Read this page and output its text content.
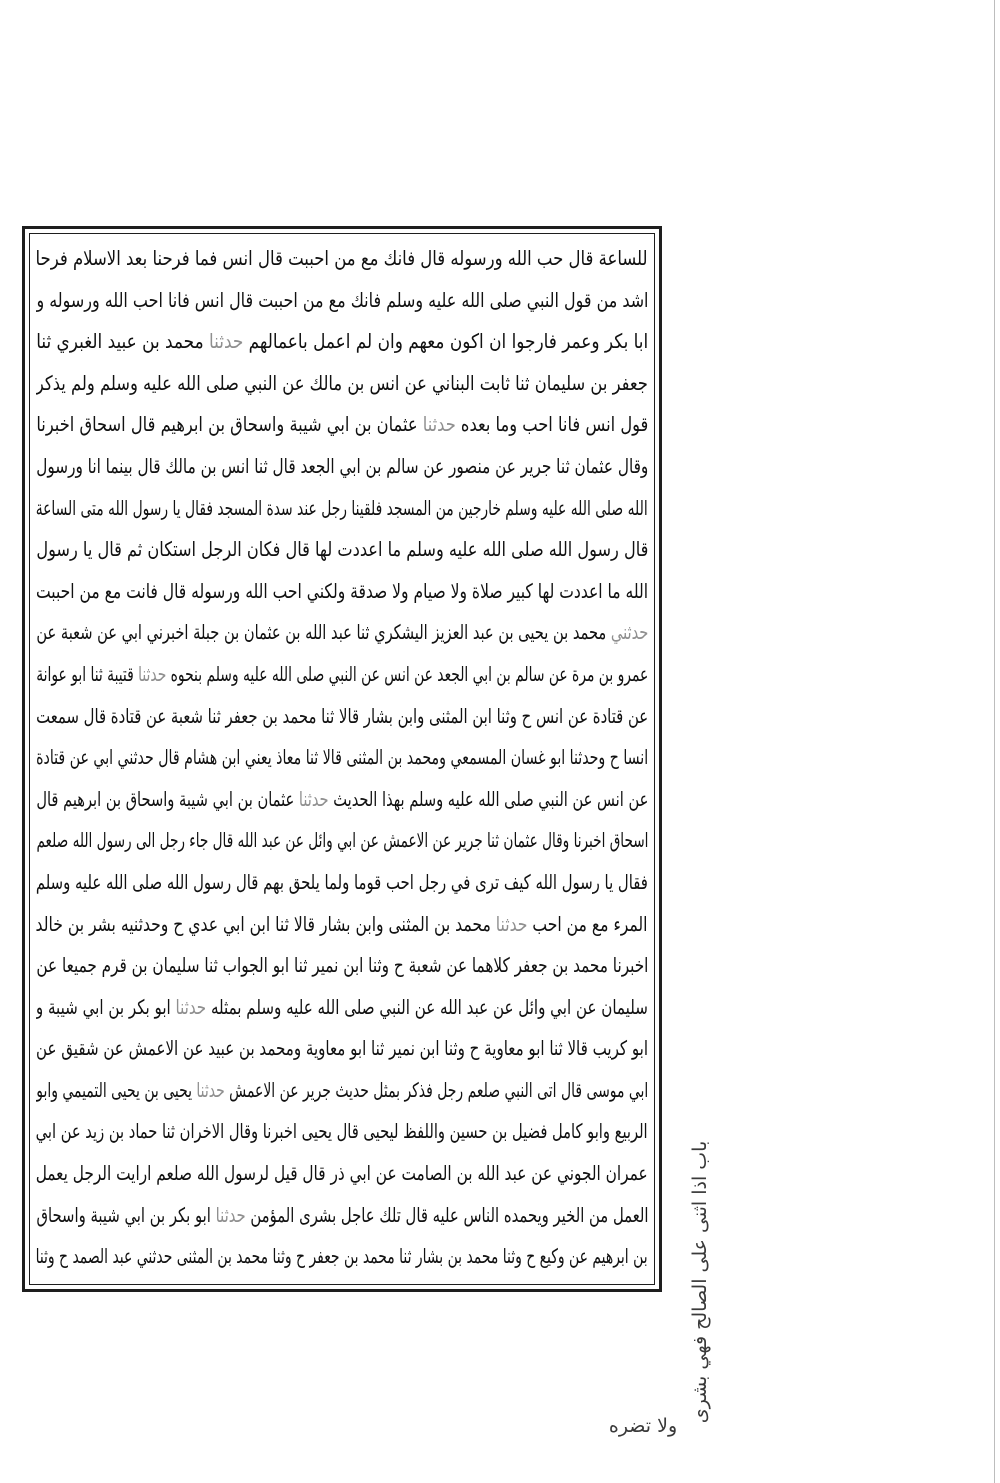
للساعة قال حب الله ورسوله قال فانك مع من احببت قال انس فما فرحنا بعد الاسلام فرحا
اشد من قول النبي صلى الله عليه وسلم فانك مع من احببت قال انس فانا احب الله ورسوله و
ابا بكر وعمر فارجوا ان اكون معهم وان لم اعمل باعمالهم حدثنا محمد بن عبيد الغبري ثنا
جعفر بن سليمان ثنا ثابت البناني عن انس بن مالك عن النبي صلى الله عليه وسلم ولم يذكر
قول انس فانا احب وما بعده حدثنا عثمان بن ابي شيبة واسحاق بن ابرهيم قال اسحاق اخبرنا
وقال عثمان ثنا جرير عن منصور عن سالم بن ابي الجعد قال ثنا انس بن مالك قال بينما انا ورسول
الله صلى الله عليه وسلم خارجين من المسجد فلقينا رجل عند سدة المسجد فقال يا رسول الله متى الساعة
قال رسول الله صلى الله عليه وسلم ما اعددت لها قال فكان الرجل استكان ثم قال يا رسول
الله ما اعددت لها كبير صلاة ولا صيام ولا صدقة ولكني احب الله ورسوله قال فانت مع من احببت
حدثني محمد بن يحيى بن عبد العزيز اليشكري ثنا عبد الله بن عثمان بن جبلة اخبرني ابي عن شعبة عن
عمرو بن مرة عن سالم بن ابي الجعد عن انس عن النبي صلى الله عليه وسلم بنحوه حدثنا قتيبة ثنا ابو عوانة
عن قتادة عن انس ح وثنا ابن المثنى وابن بشار قالا ثنا محمد بن جعفر ثنا شعبة عن قتادة قال سمعت
انسا ح وحدثنا ابو غسان المسمعي ومحمد بن المثنى قالا ثنا معاذ يعني ابن هشام قال حدثني ابي عن قتادة
عن انس عن النبي صلى الله عليه وسلم بهذا الحديث حدثنا عثمان بن ابي شيبة واسحاق بن ابرهيم قال
اسحاق اخبرنا وقال عثمان ثنا جرير عن الاعمش عن ابي وائل عن عبد الله قال جاء رجل الى رسول الله صلعم
فقال يا رسول الله كيف ترى في رجل احب قوما ولما يلحق بهم قال رسول الله صلى الله عليه وسلم
المرء مع من احب حدثنا محمد بن المثنى وابن بشار قالا ثنا ابن ابي عدي ح وحدثنيه بشر بن خالد
اخبرنا محمد بن جعفر كلاهما عن شعبة ح وثنا ابن نمير ثنا ابو الجواب ثنا سليمان بن قرم جميعا عن
سليمان عن ابي وائل عن عبد الله عن النبي صلى الله عليه وسلم بمثله حدثنا ابو بكر بن ابي شيبة و
ابو كريب قالا ثنا ابو معاوية ح وثنا ابن نمير ثنا ابو معاوية ومحمد بن عبيد عن الاعمش عن شقيق عن
ابي موسى قال اتى النبي صلعم رجل فذكر بمثل حديث جرير عن الاعمش حدثنا يحيى بن يحيى التميمي وابو
الربيع وابو كامل فضيل بن حسين واللفظ ليحيى قال يحيى اخبرنا وقال الاخران ثنا حماد بن زيد عن ابي
عمران الجوني عن عبد الله بن الصامت عن ابي ذر قال قيل لرسول الله صلعم ارايت الرجل يعمل
العمل من الخير ويحمده الناس عليه قال تلك عاجل بشرى المؤمن حدثنا ابو بكر بن ابي شيبة واسحاق
بن ابرهيم عن وكيع ح وثنا محمد بن بشار ثنا محمد بن جعفر ح وثنا محمد بن المثنى حدثني عبد الصمد ح وثنا	باب اذا اثنى على الصالح فهي بشرى
ولا تضره
